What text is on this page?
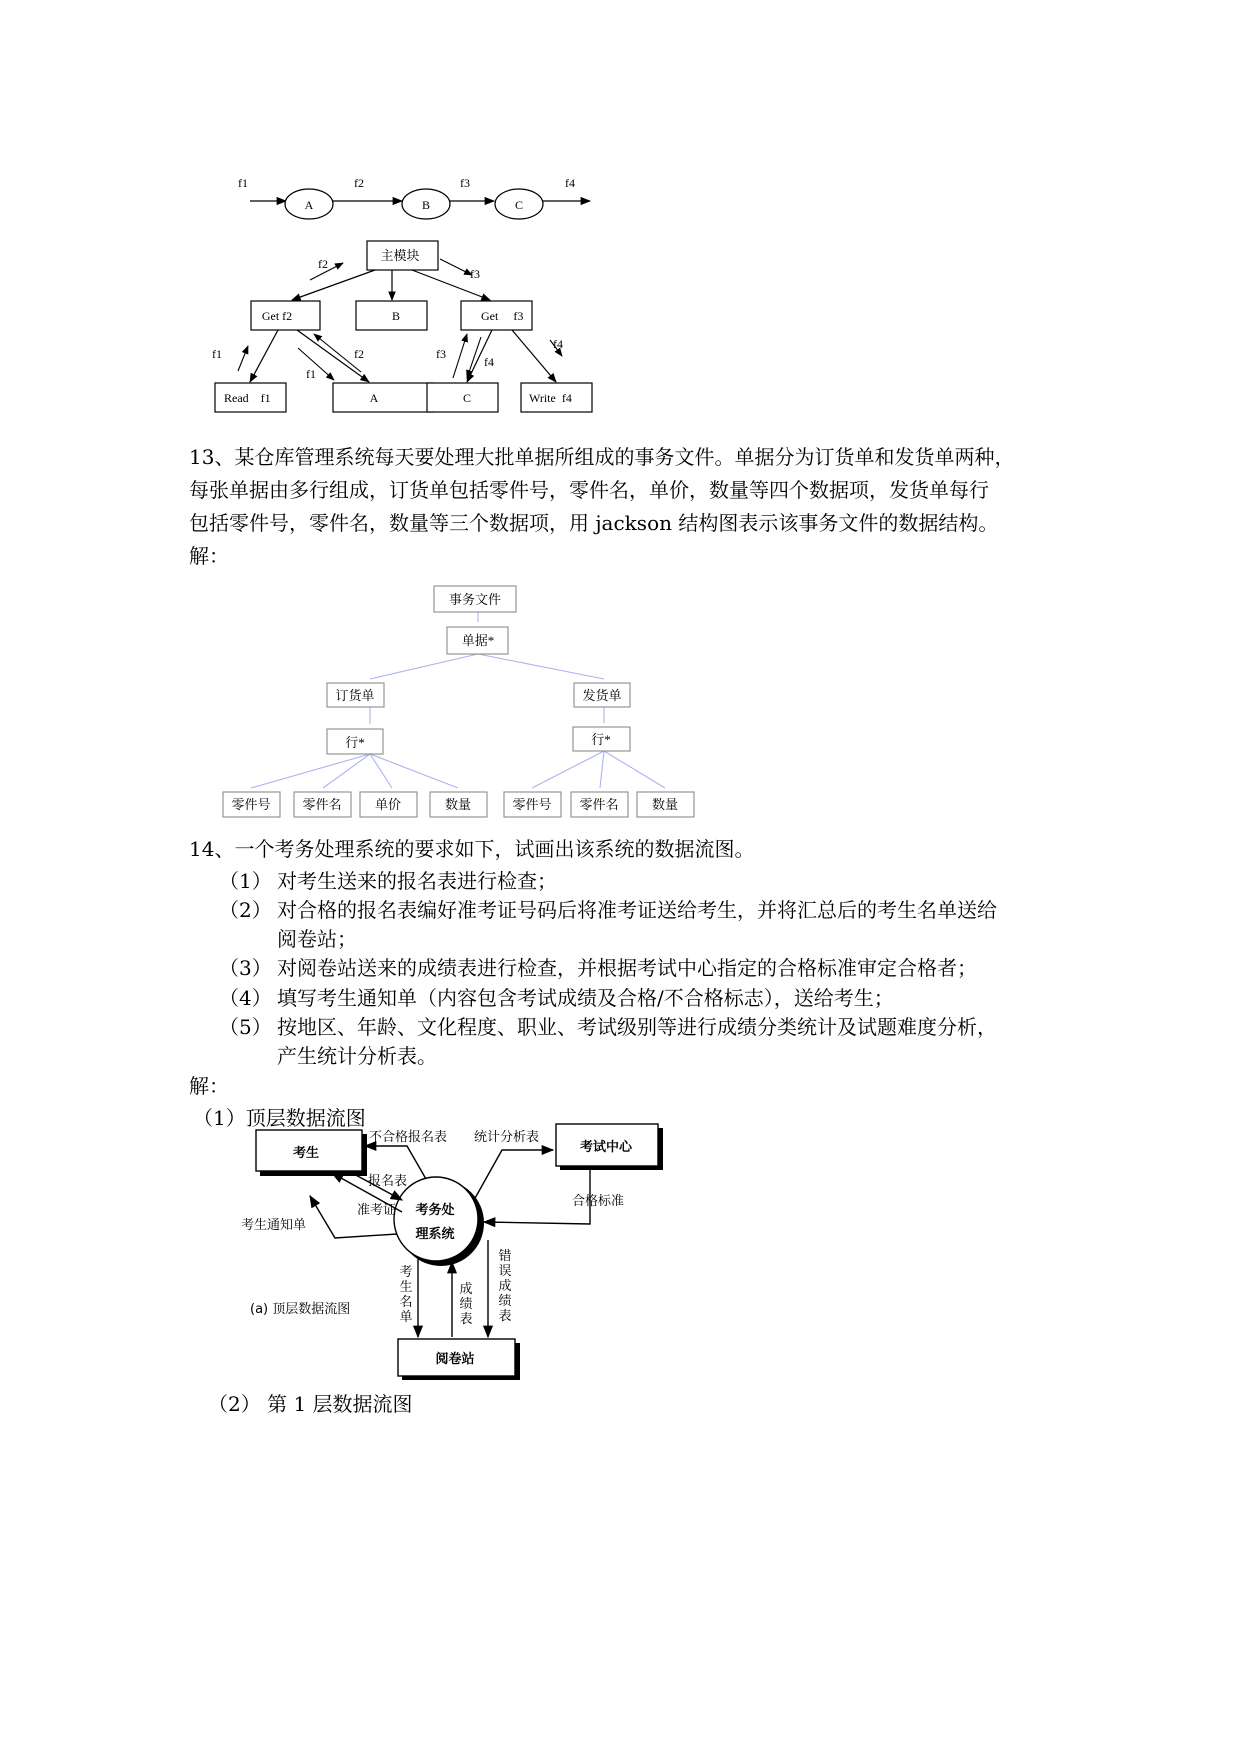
A	B	C
f1	f2	f3	f4
主模块
Get f2	B	Get     f3
Read    f1	A	C	Write  f4
f2
f3
f1	f2
f1
f3
f4
f4
13、某仓库管理系统每天要处理大批单据所组成的事务文件。单据分为订货单和发货单两种，
每张单据由多行组成，订货单包括零件号，零件名，单价，数量等四个数据项，发货单每行
包括零件号，零件名，数量等三个数据项，用 jackson 结构图表示该事务文件的数据结构。
解：
事务文件
单据*
订货单	发货单
行*	行*
零件号 零件名	单价	数量	零件号 零件名	数量
14、一个考务处理系统的要求如下，试画出该系统的数据流图。
（1） 对考生送来的报名表进行检查；
（2） 对合格的报名表编好准考证号码后将准考证送给考生，并将汇总后的考生名单送给
阅卷站；
（3） 对阅卷站送来的成绩表进行检查，并根据考试中心指定的合格标准审定合格者；
（4） 填写考生通知单（内容包含考试成绩及合格/不合格标志），送给考生；
（5） 按地区、年龄、文化程度、职业、考试级别等进行成绩分类统计及试题难度分析，
产生统计分析表。
解：
（1）顶层数据流图
考生	考试中心
阅卷站
考务处
理系统
不合格报名表 统计分析表
报名表
准考证
考生通知单
合格标准
(a) 顶层数据流图
考生名单
成绩表
错误成绩表
（2） 第 1 层数据流图
